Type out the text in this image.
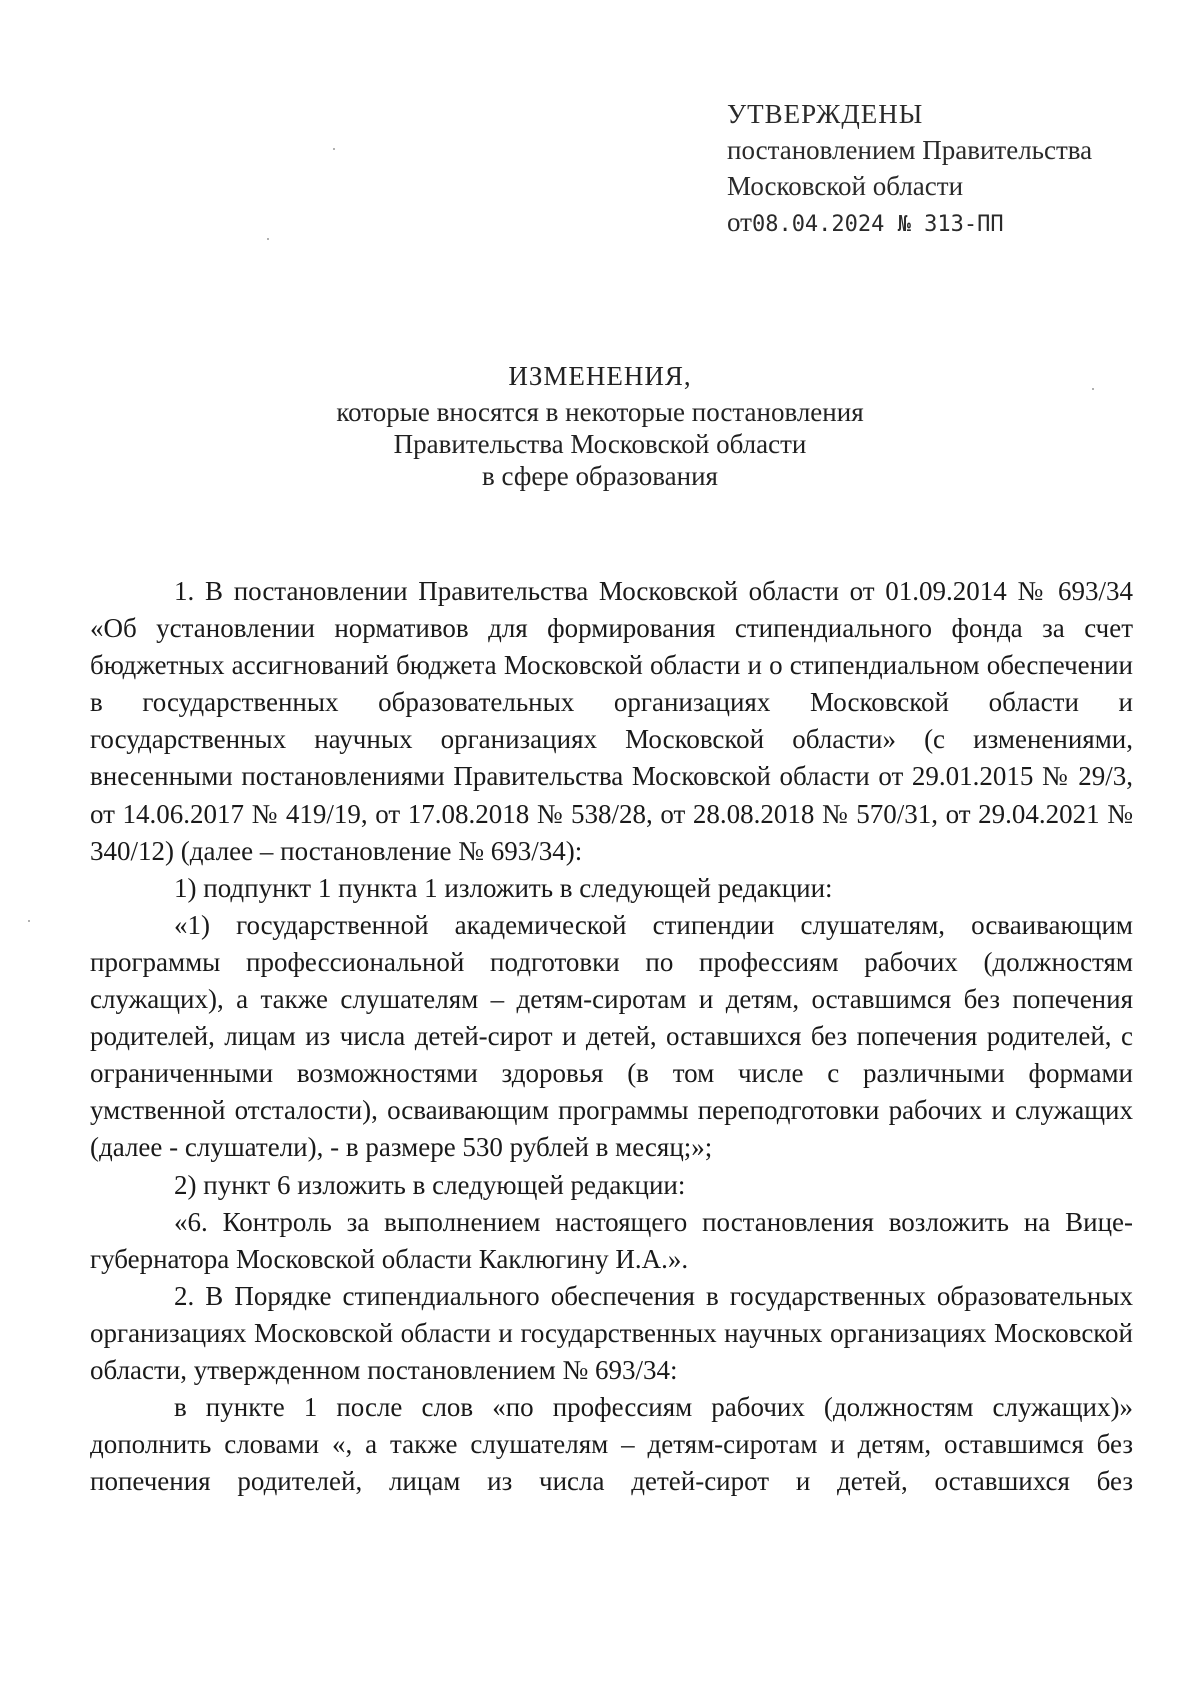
УТВЕРЖДЕНЫ
постановлением Правительства
Московской области
от08.04.2024 № 313-ПП
ИЗМЕНЕНИЯ,
которые вносятся в некоторые постановления
Правительства Московской области
в сфере образования

1. В постановлении Правительства Московской области от 01.09.2014 № 693/34 «Об установлении нормативов для формирования стипендиального фонда за счет бюджетных ассигнований бюджета Московской области и о стипендиальном обеспечении в государственных образовательных организациях Московской области и государственных научных организациях Московской области» (с изменениями, внесенными постановлениями Правительства Московской области от 29.01.2015 № 29/3, от 14.06.2017 № 419/19, от 17.08.2018 № 538/28, от 28.08.2018 № 570/31, от 29.04.2021 № 340/12) (далее – постановление № 693/34):

1) подпункт 1 пункта 1 изложить в следующей редакции:

«1) государственной академической стипендии слушателям, осваивающим программы профессиональной подготовки по профессиям рабочих (должностям служащих), а также слушателям – детям-сиротам и детям, оставшимся без попечения родителей, лицам из числа детей-сирот и детей, оставшихся без попечения родителей, с ограниченными возможностями здоровья (в том числе с различными формами умственной отсталости), осваивающим программы переподготовки рабочих и служащих (далее - слушатели), - в размере 530 рублей в месяц;»;

2) пункт 6 изложить в следующей редакции:

«6. Контроль за выполнением настоящего постановления возложить на Вице-губернатора Московской области Каклюгину И.А.».

2. В Порядке стипендиального обеспечения в государственных образовательных организациях Московской области и государственных научных организациях Московской области, утвержденном постановлением № 693/34:

в пункте 1 после слов «по профессиям рабочих (должностям служащих)» дополнить словами «, а также слушателям – детям-сиротам и детям, оставшимся без попечения родителей, лицам из числа детей-сирот и детей, оставшихся без
